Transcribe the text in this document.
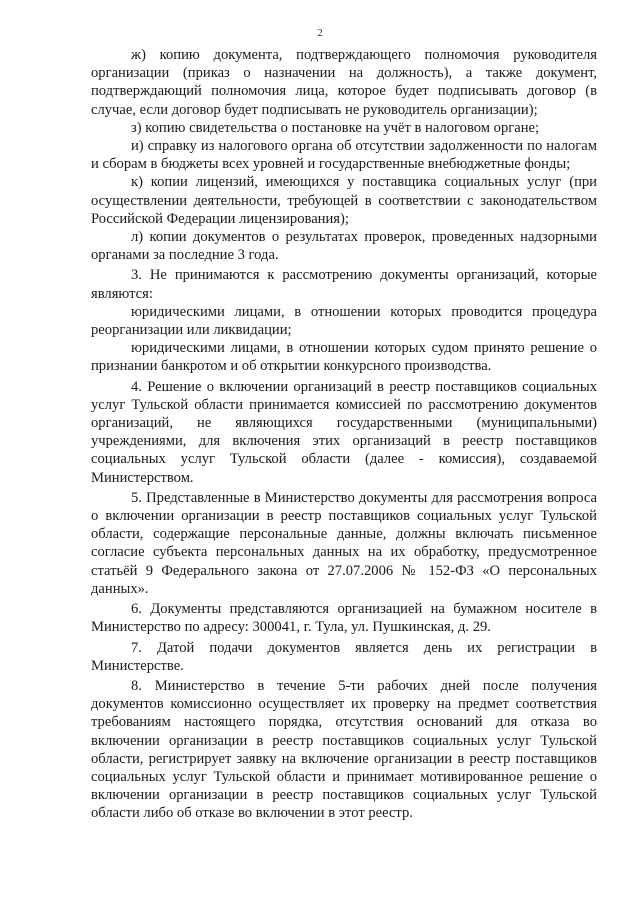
2

ж) копию документа, подтверждающего полномочия руководителя организации (приказ о назначении на должность), а также документ, подтверждающий полномочия лица, которое будет подписывать договор (в случае, если договор будет подписывать не руководитель организации);

з) копию свидетельства о постановке на учёт в налоговом органе;

и) справку из налогового органа об отсутствии задолженности по налогам и сборам в бюджеты всех уровней и государственные внебюджетные фонды;

к) копии лицензий, имеющихся у поставщика социальных услуг (при осуществлении деятельности, требующей в соответствии с законодательством Российской Федерации лицензирования);

л) копии документов о результатах проверок, проведенных надзорными органами за последние 3 года.

3. Не принимаются к рассмотрению документы организаций, которые являются:

юридическими лицами, в отношении которых проводится процедура реорганизации или ликвидации;

юридическими лицами, в отношении которых судом принято решение о признании банкротом и об открытии конкурсного производства.

4. Решение о включении организаций в реестр поставщиков социальных услуг Тульской области принимается комиссией по рассмотрению документов организаций, не являющихся государственными (муниципальными) учреждениями, для включения этих организаций в реестр поставщиков социальных услуг Тульской области (далее - комиссия), создаваемой Министерством.

5. Представленные в Министерство документы для рассмотрения вопроса о включении организации в реестр поставщиков социальных услуг Тульской области, содержащие персональные данные, должны включать письменное согласие субъекта персональных данных на их обработку, предусмотренное статьёй 9 Федерального закона от 27.07.2006 № 152-ФЗ «О персональных данных».

6. Документы представляются организацией на бумажном носителе в Министерство по адресу: 300041, г. Тула, ул. Пушкинская, д. 29.

7. Датой подачи документов является день их регистрации в Министерстве.

8. Министерство в течение 5-ти рабочих дней после получения документов комиссионно осуществляет их проверку на предмет соответствия требованиям настоящего порядка, отсутствия оснований для отказа во включении организации в реестр поставщиков социальных услуг Тульской области, регистрирует заявку на включение организации в реестр поставщиков социальных услуг Тульской области и принимает мотивированное решение о включении организации в реестр поставщиков социальных услуг Тульской области либо об отказе во включении в этот реестр.
